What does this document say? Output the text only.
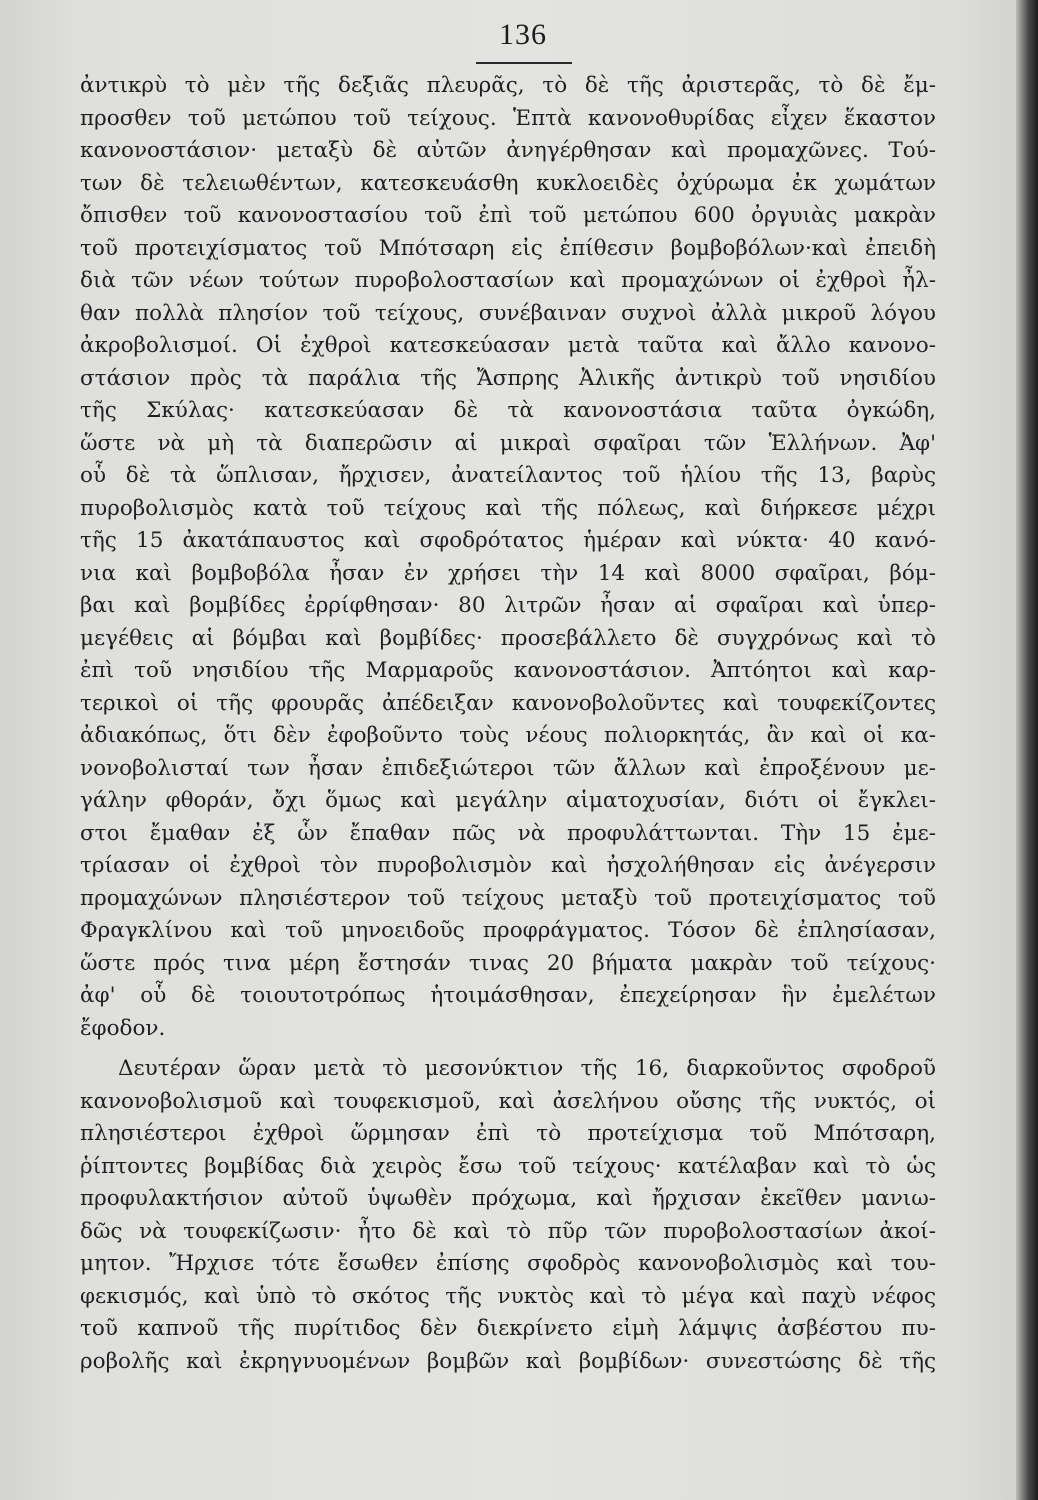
136
ἀντικρὺ τὸ μὲν τῆς δεξιᾶς πλευρᾶς, τὸ δὲ τῆς ἀριστερᾶς, τὸ δὲ ἔμ-
προσθεν τοῦ μετώπου τοῦ τείχους. Ἑπτὰ κανονοθυρίδας εἶχεν ἕκαστον
κανονοστάσιον· μεταξὺ δὲ αὐτῶν ἀνηγέρθησαν καὶ προμαχῶνες. Τού-
των δὲ τελειωθέντων, κατεσκευάσθη κυκλοειδὲς ὀχύρωμα ἐκ χωμάτων
ὄπισθεν τοῦ κανονοστασίου τοῦ ἐπὶ τοῦ μετώπου 600 ὀργυιὰς μακρὰν
τοῦ προτειχίσματος τοῦ Μπότσαρη εἰς ἐπίθεσιν βομβοβόλων·καὶ ἐπειδὴ
διὰ τῶν νέων τούτων πυροβολοστασίων καὶ προμαχώνων οἱ ἐχθροὶ ἦλ-
θαν πολλὰ πλησίον τοῦ τείχους, συνέβαιναν συχνοὶ ἀλλὰ μικροῦ λόγου
ἀκροβολισμοί. Οἱ ἐχθροὶ κατεσκεύασαν μετὰ ταῦτα καὶ ἄλλο κανονο-
στάσιον πρὸς τὰ παράλια τῆς Ἄσπρης Ἀλικῆς ἀντικρὺ τοῦ νησιδίου
τῆς Σκύλας· κατεσκεύασαν δὲ τὰ κανονοστάσια ταῦτα ὀγκώδη,
ὥστε νὰ μὴ τὰ διαπερῶσιν αἱ μικραὶ σφαῖραι τῶν Ἑλλήνων. Ἀφ'
οὗ δὲ τὰ ὥπλισαν, ἤρχισεν, ἀνατείλαντος τοῦ ἡλίου τῆς 13, βαρὺς
πυροβολισμὸς κατὰ τοῦ τείχους καὶ τῆς πόλεως, καὶ διήρκεσε μέχρι
τῆς 15 ἀκατάπαυστος καὶ σφοδρότατος ἡμέραν καὶ νύκτα· 40 κανό-
νια καὶ βομβοβόλα ἦσαν ἐν χρήσει τὴν 14 καὶ 8000 σφαῖραι, βόμ-
βαι καὶ βομβίδες ἐρρίφθησαν· 80 λιτρῶν ἦσαν αἱ σφαῖραι καὶ ὑπερ-
μεγέθεις αἱ βόμβαι καὶ βομβίδες· προσεβάλλετο δὲ συγχρόνως καὶ τὸ
ἐπὶ τοῦ νησιδίου τῆς Μαρμαροῦς κανονοστάσιον. Ἀπτόητοι καὶ καρ-
τερικοὶ οἱ τῆς φρουρᾶς ἀπέδειξαν κανονοβολοῦντες καὶ τουφεκίζοντες
ἀδιακόπως, ὅτι δὲν ἐφοβοῦντο τοὺς νέους πολιορκητάς, ἂν καὶ οἱ κα-
νονοβολισταί των ἦσαν ἐπιδεξιώτεροι τῶν ἄλλων καὶ ἐπροξένουν με-
γάλην φθοράν, ὄχι ὅμως καὶ μεγάλην αἱματοχυσίαν, διότι οἱ ἔγκλει-
στοι ἔμαθαν ἐξ ὧν ἔπαθαν πῶς νὰ προφυλάττωνται. Τὴν 15 ἐμε-
τρίασαν οἱ ἐχθροὶ τὸν πυροβολισμὸν καὶ ἠσχολήθησαν εἰς ἀνέγερσιν
προμαχώνων πλησιέστερον τοῦ τείχους μεταξὺ τοῦ προτειχίσματος τοῦ
Φραγκλίνου καὶ τοῦ μηνοειδοῦς προφράγματος. Τόσον δὲ ἐπλησίασαν,
ὥστε πρός τινα μέρη ἔστησάν τινας 20 βήματα μακρὰν τοῦ τείχους·
ἀφ' οὗ δὲ τοιουτοτρόπως ἡτοιμάσθησαν, ἐπεχείρησαν ἣν ἐμελέτων
ἔφοδον.
Δευτέραν ὥραν μετὰ τὸ μεσονύκτιον τῆς 16, διαρκοῦντος σφοδροῦ
κανονοβολισμοῦ καὶ τουφεκισμοῦ, καὶ ἀσελήνου οὔσης τῆς νυκτός, οἱ
πλησιέστεροι ἐχθροὶ ὥρμησαν ἐπὶ τὸ προτείχισμα τοῦ Μπότσαρη,
ῥίπτοντες βομβίδας διὰ χειρὸς ἔσω τοῦ τείχους· κατέλαβαν καὶ τὸ ὡς
προφυλακτήσιον αὐτοῦ ὑψωθὲν πρόχωμα, καὶ ἤρχισαν ἐκεῖθεν μανιω-
δῶς νὰ τουφεκίζωσιν· ἦτο δὲ καὶ τὸ πῦρ τῶν πυροβολοστασίων ἀκοί-
μητον. Ἤρχισε τότε ἔσωθεν ἐπίσης σφοδρὸς κανονοβολισμὸς καὶ του-
φεκισμός, καὶ ὑπὸ τὸ σκότος τῆς νυκτὸς καὶ τὸ μέγα καὶ παχὺ νέφος
τοῦ καπνοῦ τῆς πυρίτιδος δὲν διεκρίνετο εἰμὴ λάμψις ἀσβέστου πυ-
ροβολῆς καὶ ἐκρηγνυομένων βομβῶν καὶ βομβίδων· συνεστώσης δὲ τῆς
